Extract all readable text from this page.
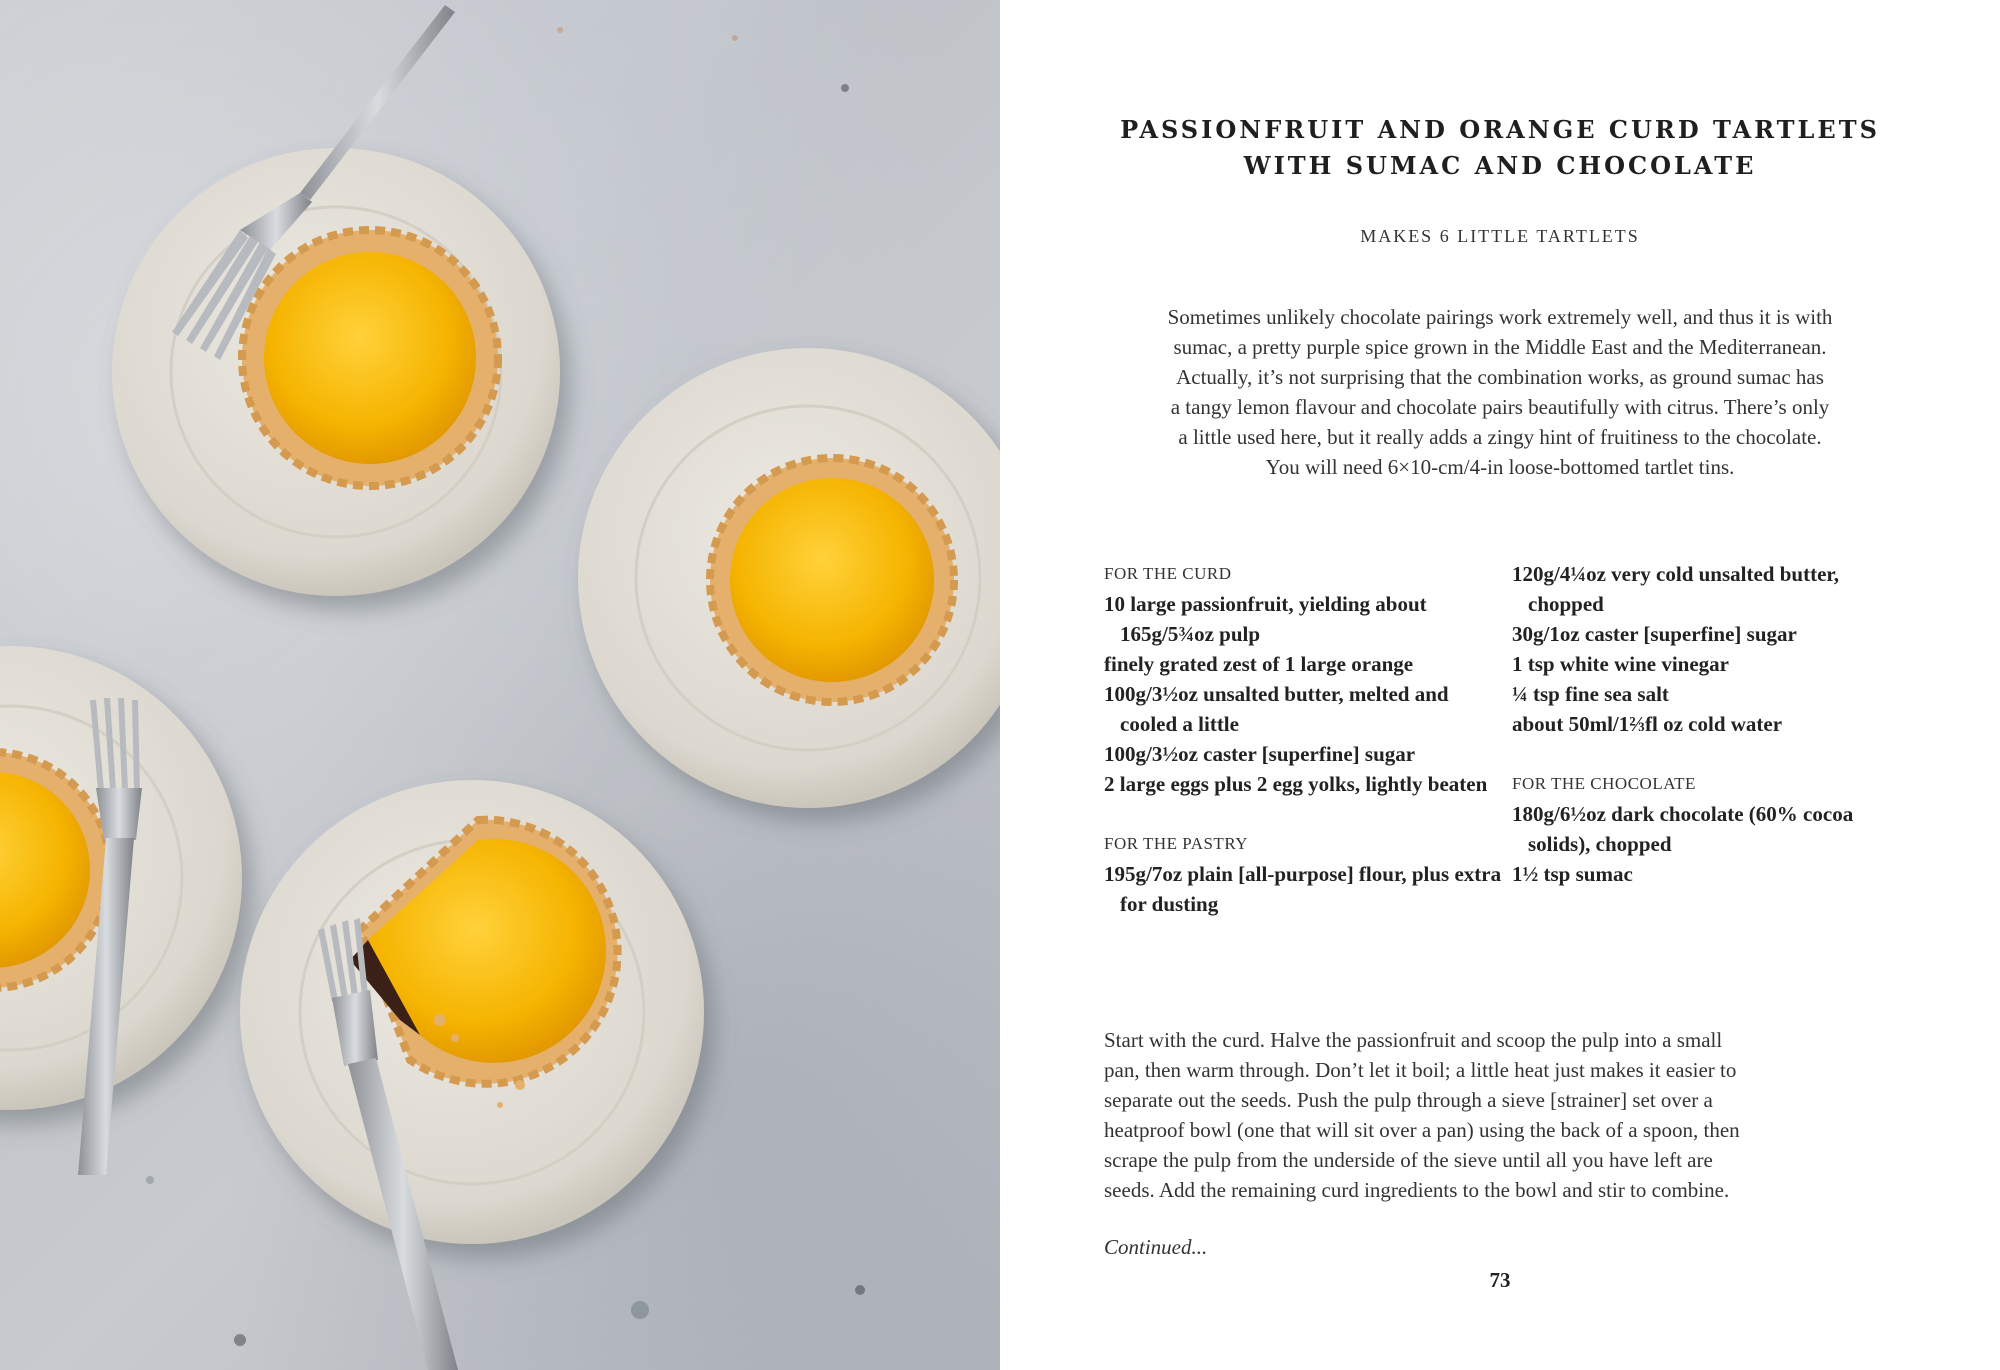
PASSIONFRUIT AND ORANGE CURD TARTLETS
WITH SUMAC AND CHOCOLATE
MAKES 6 LITTLE TARTLETS
Sometimes unlikely chocolate pairings work extremely well, and thus it is with
sumac, a pretty purple spice grown in the Middle East and the Mediterranean.
Actually, it’s not surprising that the combination works, as ground sumac has
a tangy lemon flavour and chocolate pairs beautifully with citrus. There’s only
a little used here, but it really adds a zingy hint of fruitiness to the chocolate.
You will need 6×10-cm/4-in loose-bottomed tartlet tins.
FOR THE CURD
10 large passionfruit, yielding about 165g/5¾oz pulp
finely grated zest of 1 large orange
100g/3½oz unsalted butter, melted and cooled a little
100g/3½oz caster [superfine] sugar
2 large eggs plus 2 egg yolks, lightly beaten
FOR THE PASTRY
195g/7oz plain [all-purpose] flour, plus extra for dusting
120g/4¼oz very cold unsalted butter, chopped
30g/1oz caster [superfine] sugar
1 tsp white wine vinegar
¼ tsp fine sea salt
about 50ml/1⅔fl oz cold water
FOR THE CHOCOLATE
180g/6½oz dark chocolate (60% cocoa solids), chopped
1½ tsp sumac
Start with the curd. Halve the passionfruit and scoop the pulp into a small
pan, then warm through. Don’t let it boil; a little heat just makes it easier to
separate out the seeds. Push the pulp through a sieve [strainer] set over a
heatproof bowl (one that will sit over a pan) using the back of a spoon, then
scrape the pulp from the underside of the sieve until all you have left are
seeds. Add the remaining curd ingredients to the bowl and stir to combine.
Continued...
73
